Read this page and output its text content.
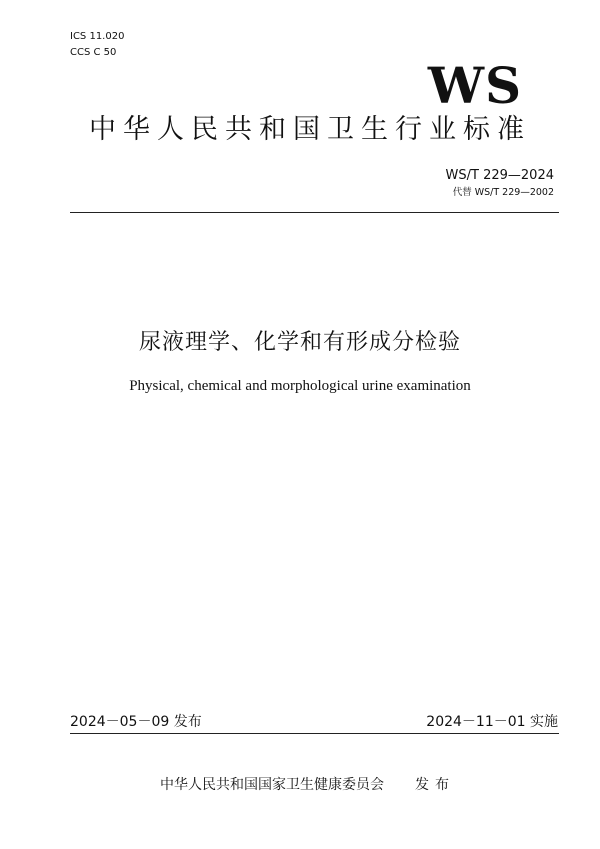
ICS 11.020
CCS C 50
WS
中华人民共和国卫生行业标准
WS/T 229—2024
代替 WS/T 229—2002
尿液理学、化学和有形成分检验
Physical, chemical and morphological urine examination
2024－05－09 发布	2024－11－01 实施
中华人民共和国国家卫生健康委员会 发布
